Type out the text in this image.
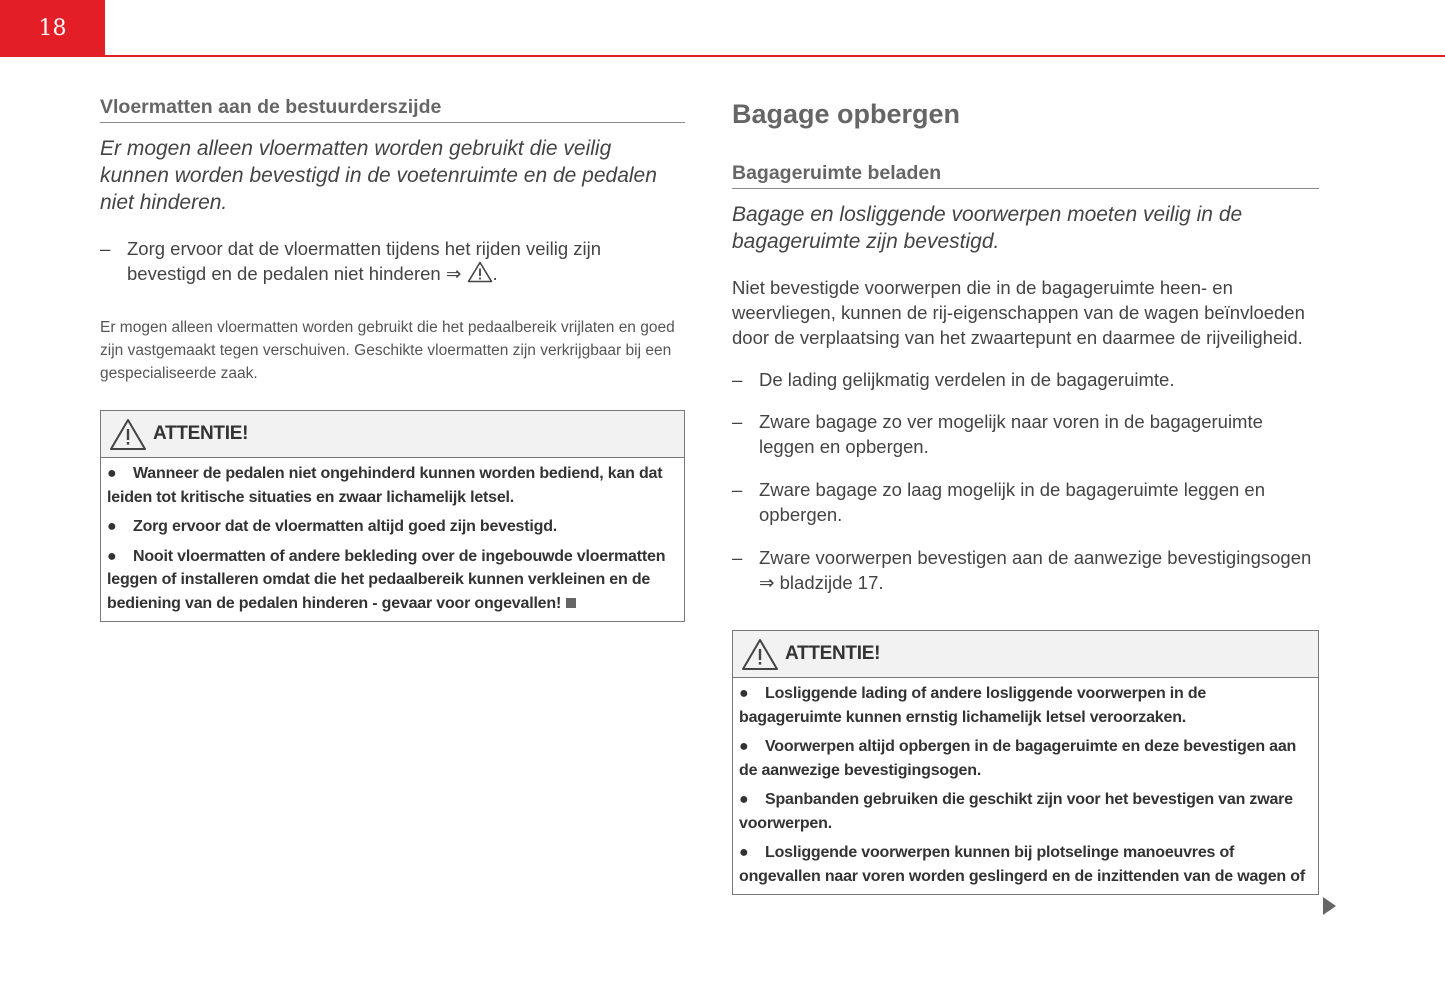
18
Vloermatten aan de bestuurderszijde

Er mogen alleen vloermatten worden gebruikt die veilig kunnen worden bevestigd in de voetenruimte en de pedalen niet hinderen.

– Zorg ervoor dat de vloermatten tijdens het rijden veilig zijn bevestigd en de pedalen niet hinderen ⇒ .

Er mogen alleen vloermatten worden gebruikt die het pedaalbereik vrijlaten en goed zijn vastgemaakt tegen verschuiven. Geschikte vloermatten zijn verkrijgbaar bij een gespecialiseerde zaak.

ATTENTIE!
● Wanneer de pedalen niet ongehinderd kunnen worden bediend, kan dat leiden tot kritische situaties en zwaar lichamelijk letsel.
● Zorg ervoor dat de vloermatten altijd goed zijn bevestigd.
● Nooit vloermatten of andere bekleding over de ingebouwde vloermatten leggen of installeren omdat die het pedaalbereik kunnen verkleinen en de bediening van de pedalen hinderen - gevaar voor ongevallen!
Bagage opbergen
Bagageruimte beladen

Bagage en losliggende voorwerpen moeten veilig in de bagageruimte zijn bevestigd.

Niet bevestigde voorwerpen die in de bagageruimte heen- en weervliegen, kunnen de rij-eigenschappen van de wagen beïnvloeden door de verplaatsing van het zwaartepunt en daarmee de rijveiligheid.

– De lading gelijkmatig verdelen in de bagageruimte.
– Zware bagage zo ver mogelijk naar voren in de bagageruimte leggen en opbergen.
– Zware bagage zo laag mogelijk in de bagageruimte leggen en opbergen.
– Zware voorwerpen bevestigen aan de aanwezige bevestigingsogen ⇒ bladzijde 17.
ATTENTIE!
● Losliggende lading of andere losliggende voorwerpen in de bagageruimte kunnen ernstig lichamelijk letsel veroorzaken.
● Voorwerpen altijd opbergen in de bagageruimte en deze bevestigen aan de aanwezige bevestigingsogen.
● Spanbanden gebruiken die geschikt zijn voor het bevestigen van zware voorwerpen.
● Losliggende voorwerpen kunnen bij plotselinge manoeuvres of ongevallen naar voren worden geslingerd en de inzittenden van de wagen of
